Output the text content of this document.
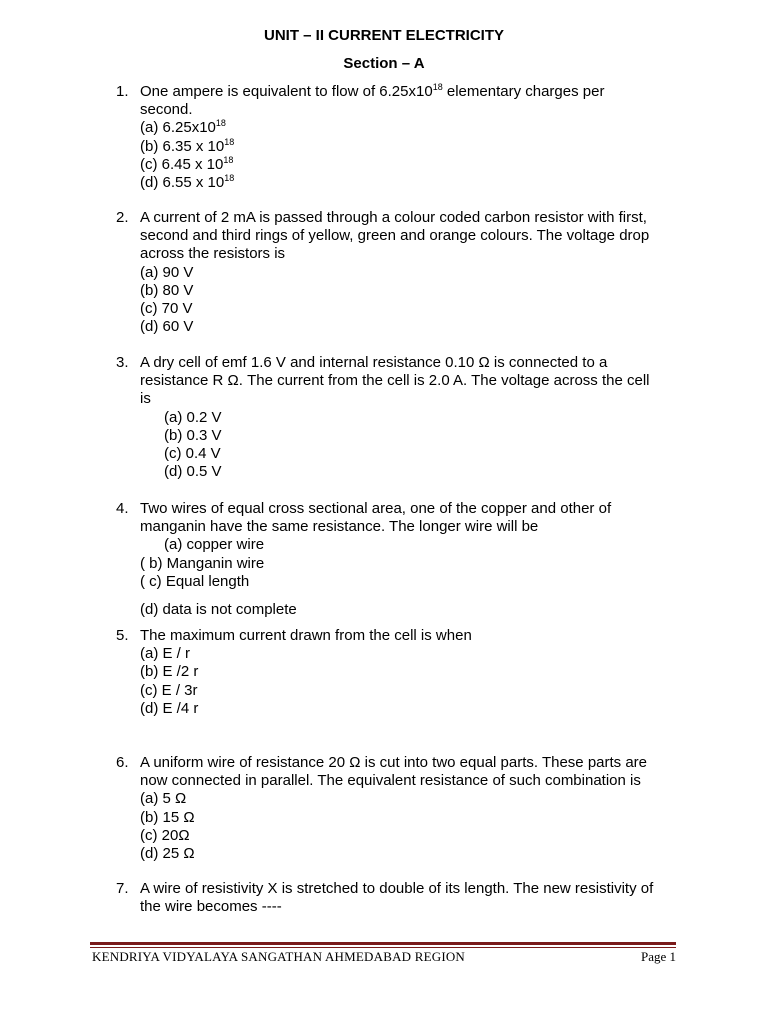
UNIT – II CURRENT ELECTRICITY
Section – A
1. One ampere is equivalent to flow of $6.25x10^{18}$ elementary charges per
second.
(a) $6.25x10^{18}$
(b) 6.35 x $10^{18}$
(c) 6.45 x $10^{18}$
(d) 6.55 x $10^{18}$
2. A current of 2 mA is passed through a colour coded carbon resistor with first,
second and third rings of yellow, green and orange colours. The voltage drop
across the resistors is
(a) 90 V
(b) 80 V
(c) 70 V
(d) 60 V
3. A dry cell of emf 1.6 V and internal resistance 0.10 Ω is connected to a
resistance R Ω. The current from the cell is 2.0 A. The voltage across the cell
is
(a) 0.2 V
(b) 0.3 V
(c) 0.4 V
(d) 0.5 V
4. Two wires of equal cross sectional area, one of the copper and other of
manganin have the same resistance. The longer wire will be
(a) copper wire
( b) Manganin wire
( c) Equal length
(d) data is not complete
5. The maximum current drawn from the cell is when
(a) E / r
(b) E /2 r
(c) E / 3r
(d) E /4 r
6. A uniform wire of resistance 20 Ω is cut into two equal parts. These parts are
now connected in parallel. The equivalent resistance of such combination is
(a) 5 Ω
(b) 15 Ω
(c) 20Ω
(d) 25 Ω
7. A wire of resistivity X is stretched to double of its length. The new resistivity of
the wire becomes ----
KENDRIYA VIDYALAYA SANGATHAN AHMEDABAD REGION	Page 1
